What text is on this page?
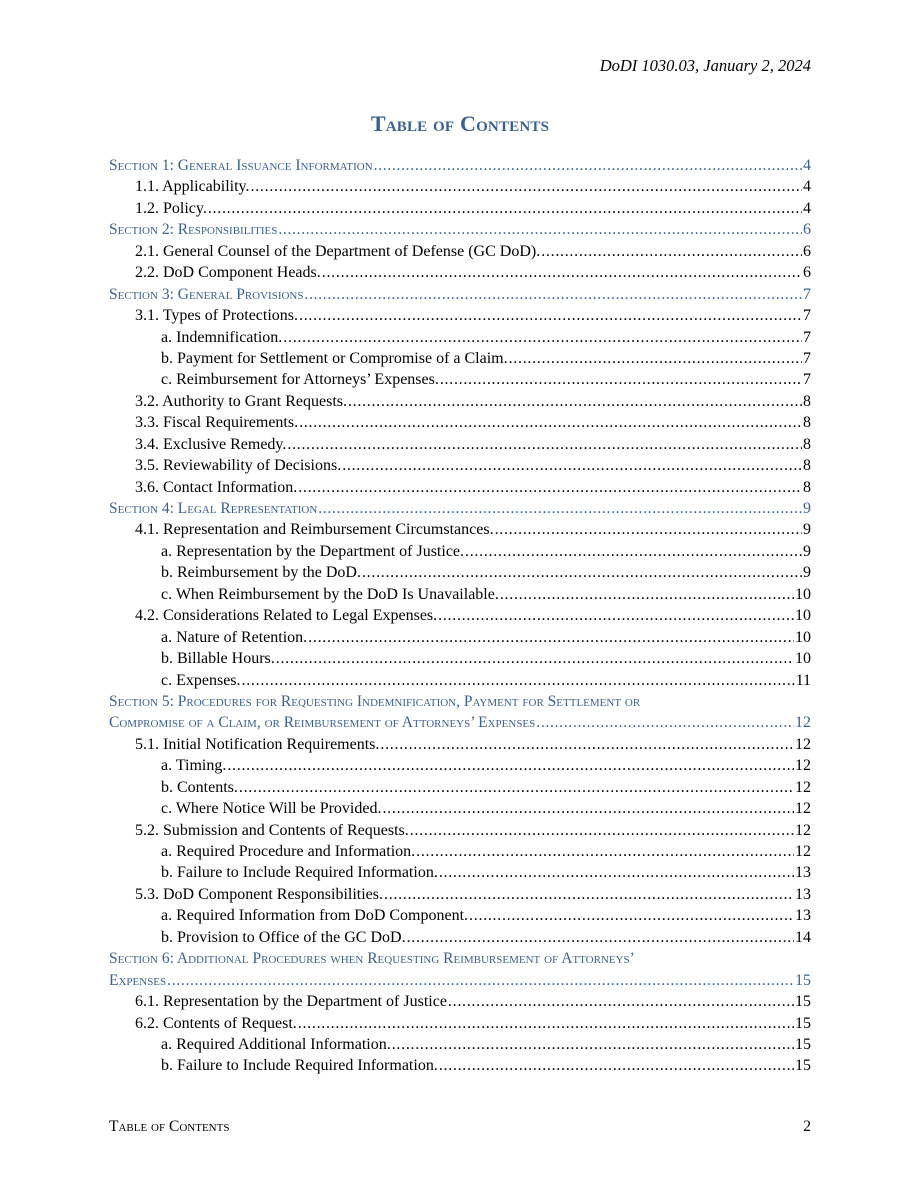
DoDI 1030.03, January 2, 2024
Table of Contents
Section 1: General Issuance Information .....	4
1.1. Applicability. .....	4
1.2. Policy. .....	4
Section 2: Responsibilities .....	6
2.1. General Counsel of the Department of Defense (GC DoD). .....	6
2.2. DoD Component Heads. .....	6
Section 3: General Provisions .....	7
3.1. Types of Protections. .....	7
a. Indemnification. .....	7
b. Payment for Settlement or Compromise of a Claim. .....	7
c. Reimbursement for Attorneys’ Expenses. .....	7
3.2. Authority to Grant Requests. .....	8
3.3. Fiscal Requirements. .....	8
3.4. Exclusive Remedy. .....	8
3.5. Reviewability of Decisions. .....	8
3.6. Contact Information. .....	8
Section 4: Legal Representation .....	9
4.1. Representation and Reimbursement Circumstances. .....	9
a. Representation by the Department of Justice. .....	9
b. Reimbursement by the DoD. .....	9
c. When Reimbursement by the DoD Is Unavailable. .....	10
4.2. Considerations Related to Legal Expenses. .....	10
a. Nature of Retention. .....	10
b. Billable Hours. .....	10
c. Expenses. .....	11
Section 5: Procedures for Requesting Indemnification, Payment for Settlement or
Compromise of a Claim, or Reimbursement of Attorneys’ Expenses .....	12
5.1. Initial Notification Requirements. .....	12
a. Timing. .....	12
b. Contents. .....	12
c. Where Notice Will be Provided. .....	12
5.2. Submission and Contents of Requests. .....	12
a. Required Procedure and Information. .....	12
b. Failure to Include Required Information. .....	13
5.3. DoD Component Responsibilities. .....	13
a. Required Information from DoD Component. .....	13
b. Provision to Office of the GC DoD. .....	14
Section 6: Additional Procedures when Requesting Reimbursement of Attorneys’
Expenses .....	15
6.1. Representation by the Department of Justice .....	15
6.2. Contents of Request. .....	15
a. Required Additional Information. .....	15
b. Failure to Include Required Information. .....	15
Table of Contents	2
